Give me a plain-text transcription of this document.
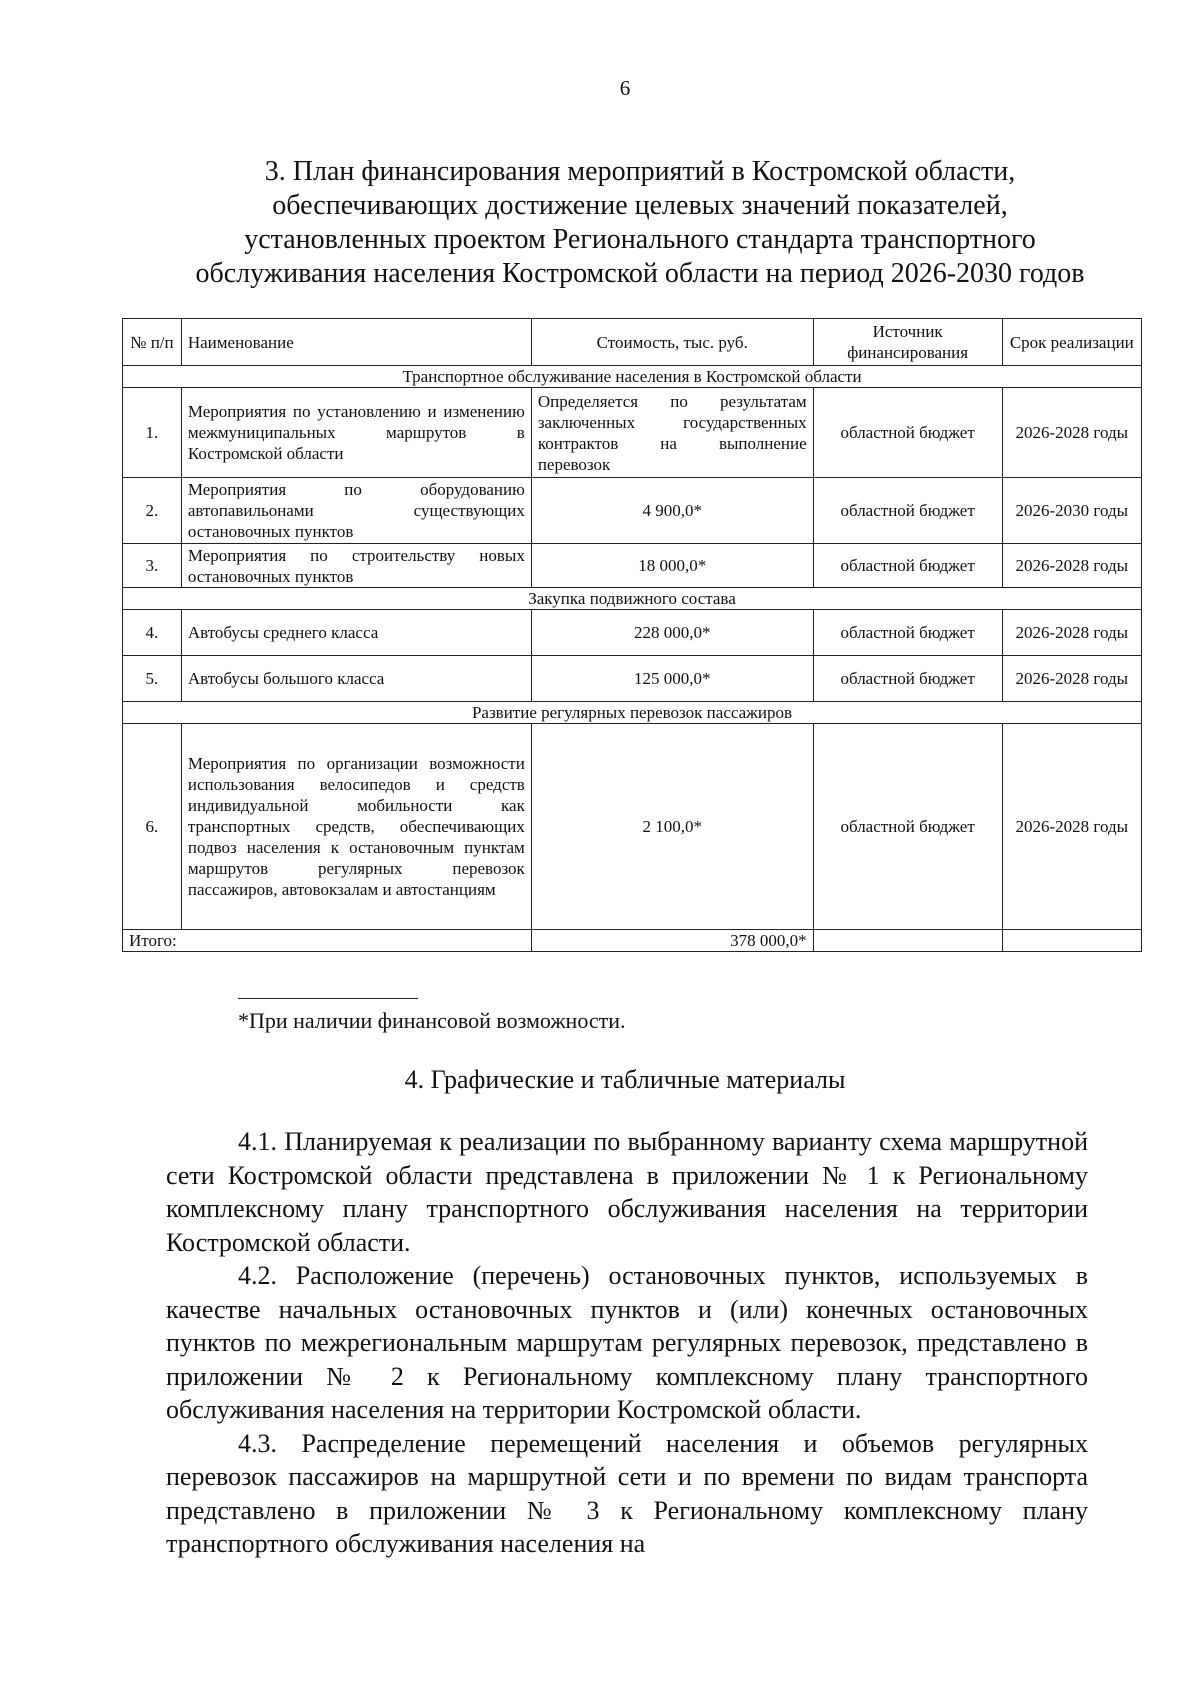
6
3. План финансирования мероприятий в Костромской области,
обеспечивающих достижение целевых значений показателей,
установленных проектом Регионального стандарта транспортного
обслуживания населения Костромской области на период 2026-2030 годов
№ п/п	Наименование	Стоимость, тыс. руб.	Источник финансирования	Срок реализации
Транспортное обслуживание населения в Костромской области				
1.	Мероприятия по установлению и изменению межмуниципальных маршрутов в Костромской области	Определяется по результатам заключенных государственных контрактов на выполнение перевозок	областной бюджет	2026-2028 годы
2.	Мероприятия по оборудованию автопавильонами существующих остановочных пунктов	4 900,0*	областной бюджет	2026-2030 годы
3.	Мероприятия по строительству новых остановочных пунктов	18 000,0*	областной бюджет	2026-2028 годы
Закупка подвижного состава				
4.	Автобусы среднего класса	228 000,0*	областной бюджет	2026-2028 годы
5.	Автобусы большого класса	125 000,0*	областной бюджет	2026-2028 годы
Развитие регулярных перевозок пассажиров				
6.	Мероприятия по организации возможности использования велосипедов и средств индивидуальной мобильности как транспортных средств, обеспечивающих подвоз населения к остановочным пунктам маршрутов регулярных перевозок пассажиров, автовокзалам и автостанциям	2 100,0*	областной бюджет	2026-2028 годы
Итого:		378 000,0*		
*При наличии финансовой возможности.
4. Графические и табличные материалы

4.1. Планируемая к реализации по выбранному варианту схема маршрутной сети Костромской области представлена в приложении № 1 к Региональному комплексному плану транспортного обслуживания населения на территории Костромской области.

4.2. Расположение (перечень) остановочных пунктов, используемых в качестве начальных остановочных пунктов и (или) конечных остановочных пунктов по межрегиональным маршрутам регулярных перевозок, представлено в приложении № 2 к Региональному комплексному плану транспортного обслуживания населения на территории Костромской области.

4.3. Распределение перемещений населения и объемов регулярных перевозок пассажиров на маршрутной сети и по времени по видам транспорта представлено в приложении № 3 к Региональному комплексному плану транспортного обслуживания населения на
